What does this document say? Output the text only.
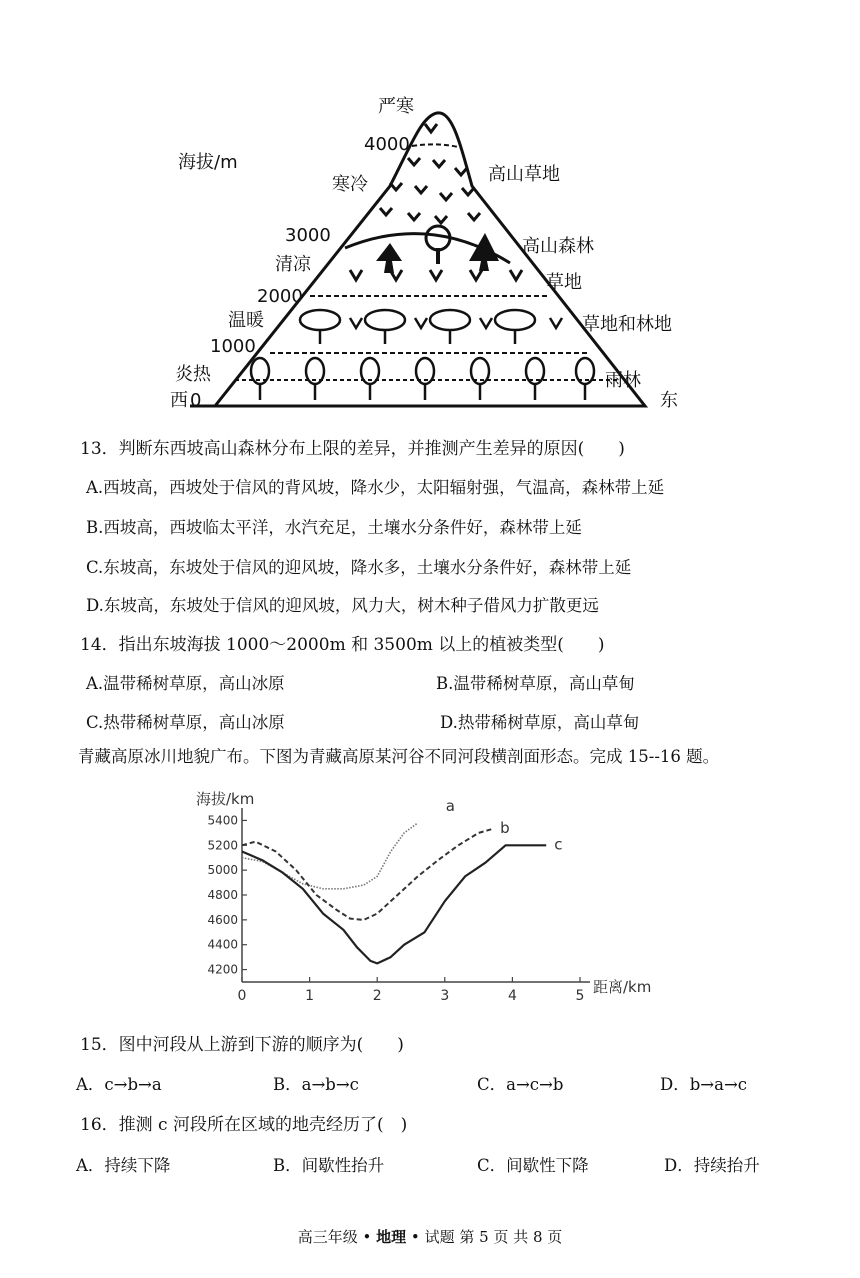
海拔/m
严寒
4000
寒冷
3000
清凉
2000
温暖
1000
炎热
西 0
高山草地
高山森林
草地
草地和林地
雨林
东
13．判断东西坡高山森林分布上限的差异，并推测产生差异的原因(　　)
A.西坡高，西坡处于信风的背风坡，降水少，太阳辐射强，气温高，森林带上延
B.西坡高，西坡临太平洋，水汽充足，土壤水分条件好，森林带上延
C.东坡高，东坡处于信风的迎风坡，降水多，土壤水分条件好，森林带上延
D.东坡高，东坡处于信风的迎风坡，风力大，树木种子借风力扩散更远
14．指出东坡海拔 1000～2000m 和 3500m 以上的植被类型(　　)
A.温带稀树草原，高山冰原	B.温带稀树草原，高山草甸
C.热带稀树草原，高山冰原	D.热带稀树草原，高山草甸
青藏高原冰川地貌广布。下图为青藏高原某河谷不同河段横剖面形态。完成 15--16 题。
4200
4400
4600
4800
5000
5200
5400
0	1	2	3	4	5
a
b
c
海拔/km
距离/km
15．图中河段从上游到下游的顺序为(　　)
A．c→b→a	B．a→b→c	C．a→c→b	D．b→a→c
16．推测 c 河段所在区域的地壳经历了(　)
A．持续下降	B．间歇性抬升	C．间歇性下降	D．持续抬升
高三年级 • 地理 • 试题 第 5 页 共 8 页
